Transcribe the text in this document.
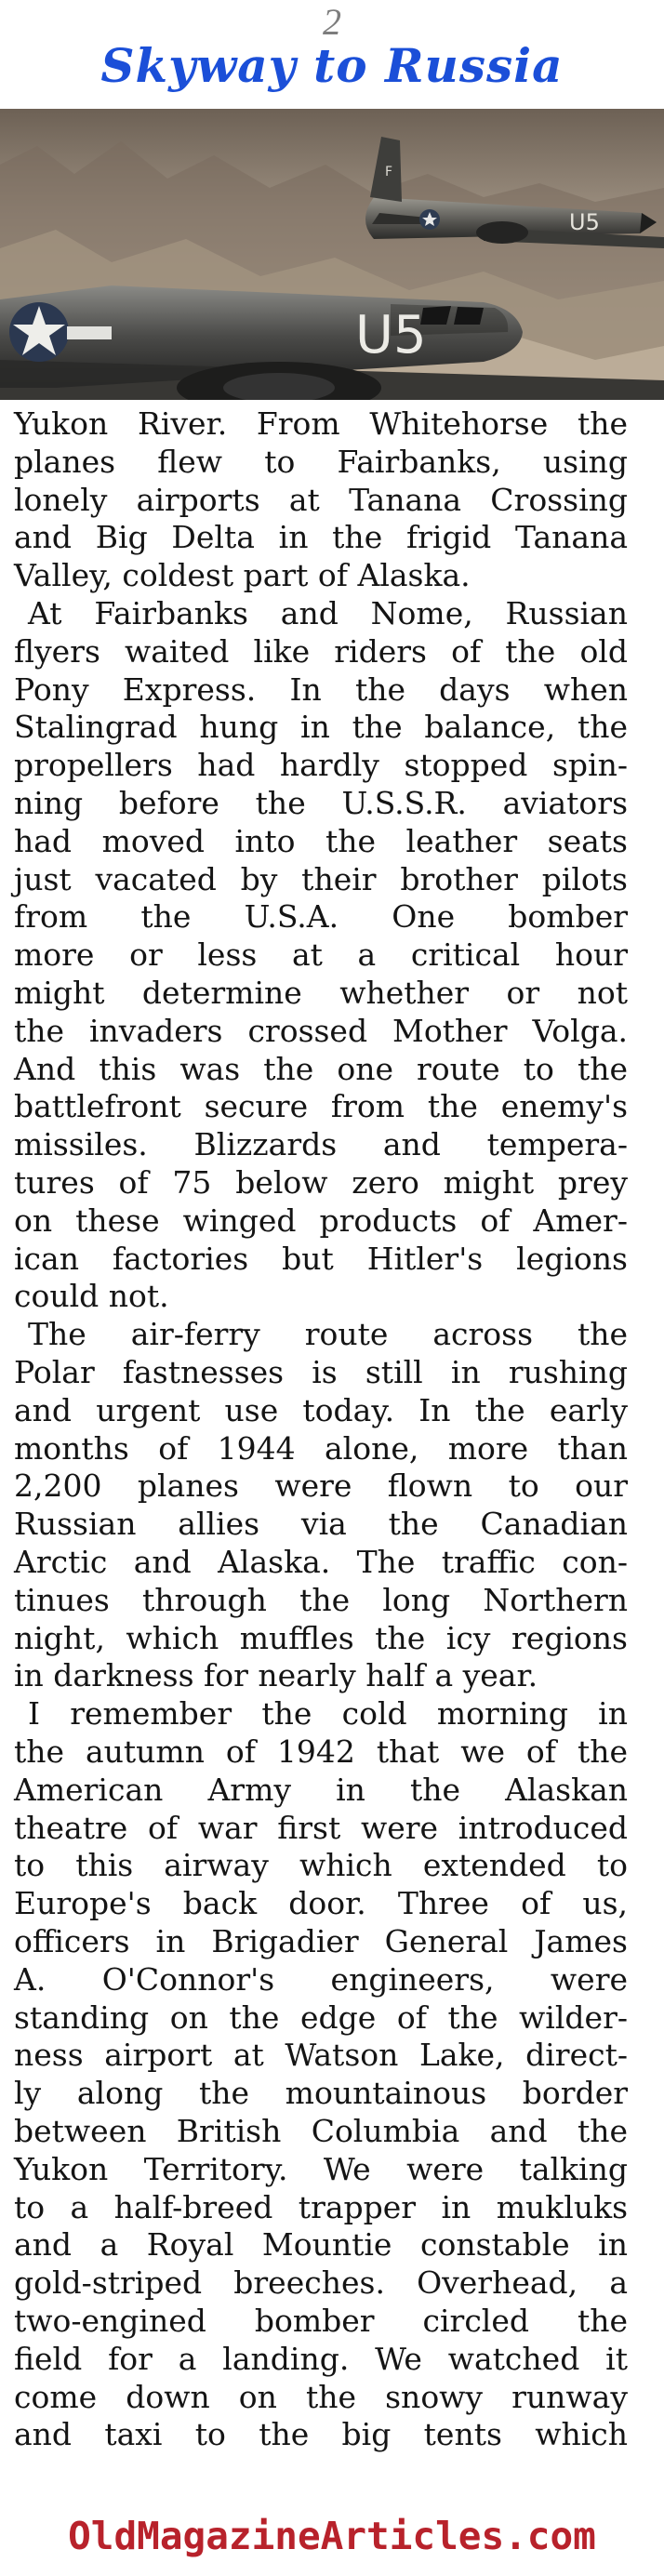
2
Skyway to Russia
U5
F
U5
Yukon River. From Whitehorse the
planes flew to Fairbanks, using
lonely airports at Tanana Crossing
and Big Delta in the frigid Tanana
Valley, coldest part of Alaska.
At Fairbanks and Nome, Russian
flyers waited like riders of the old
Pony Express. In the days when
Stalingrad hung in the balance, the
propellers had hardly stopped spin-
ning before the U.S.S.R. aviators
had moved into the leather seats
just vacated by their brother pilots
from the U.S.A. One bomber
more or less at a critical hour
might determine whether or not
the invaders crossed Mother Volga.
And this was the one route to the
battlefront secure from the enemy's
missiles. Blizzards and tempera-
tures of 75 below zero might prey
on these winged products of Amer-
ican factories but Hitler's legions
could not.
The air-ferry route across the
Polar fastnesses is still in rushing
and urgent use today. In the early
months of 1944 alone, more than
2,200 planes were flown to our
Russian allies via the Canadian
Arctic and Alaska. The traffic con-
tinues through the long Northern
night, which muffles the icy regions
in darkness for nearly half a year.
I remember the cold morning in
the autumn of 1942 that we of the
American Army in the Alaskan
theatre of war first were introduced
to this airway which extended to
Europe's back door. Three of us,
officers in Brigadier General James
A. O'Connor's engineers, were
standing on the edge of the wilder-
ness airport at Watson Lake, direct-
ly along the mountainous border
between British Columbia and the
Yukon Territory. We were talking
to a half-breed trapper in mukluks
and a Royal Mountie constable in
gold-striped breeches. Overhead, a
two-engined bomber circled the
field for a landing. We watched it
come down on the snowy runway
and taxi to the big tents which
OldMagazineArticles.com
